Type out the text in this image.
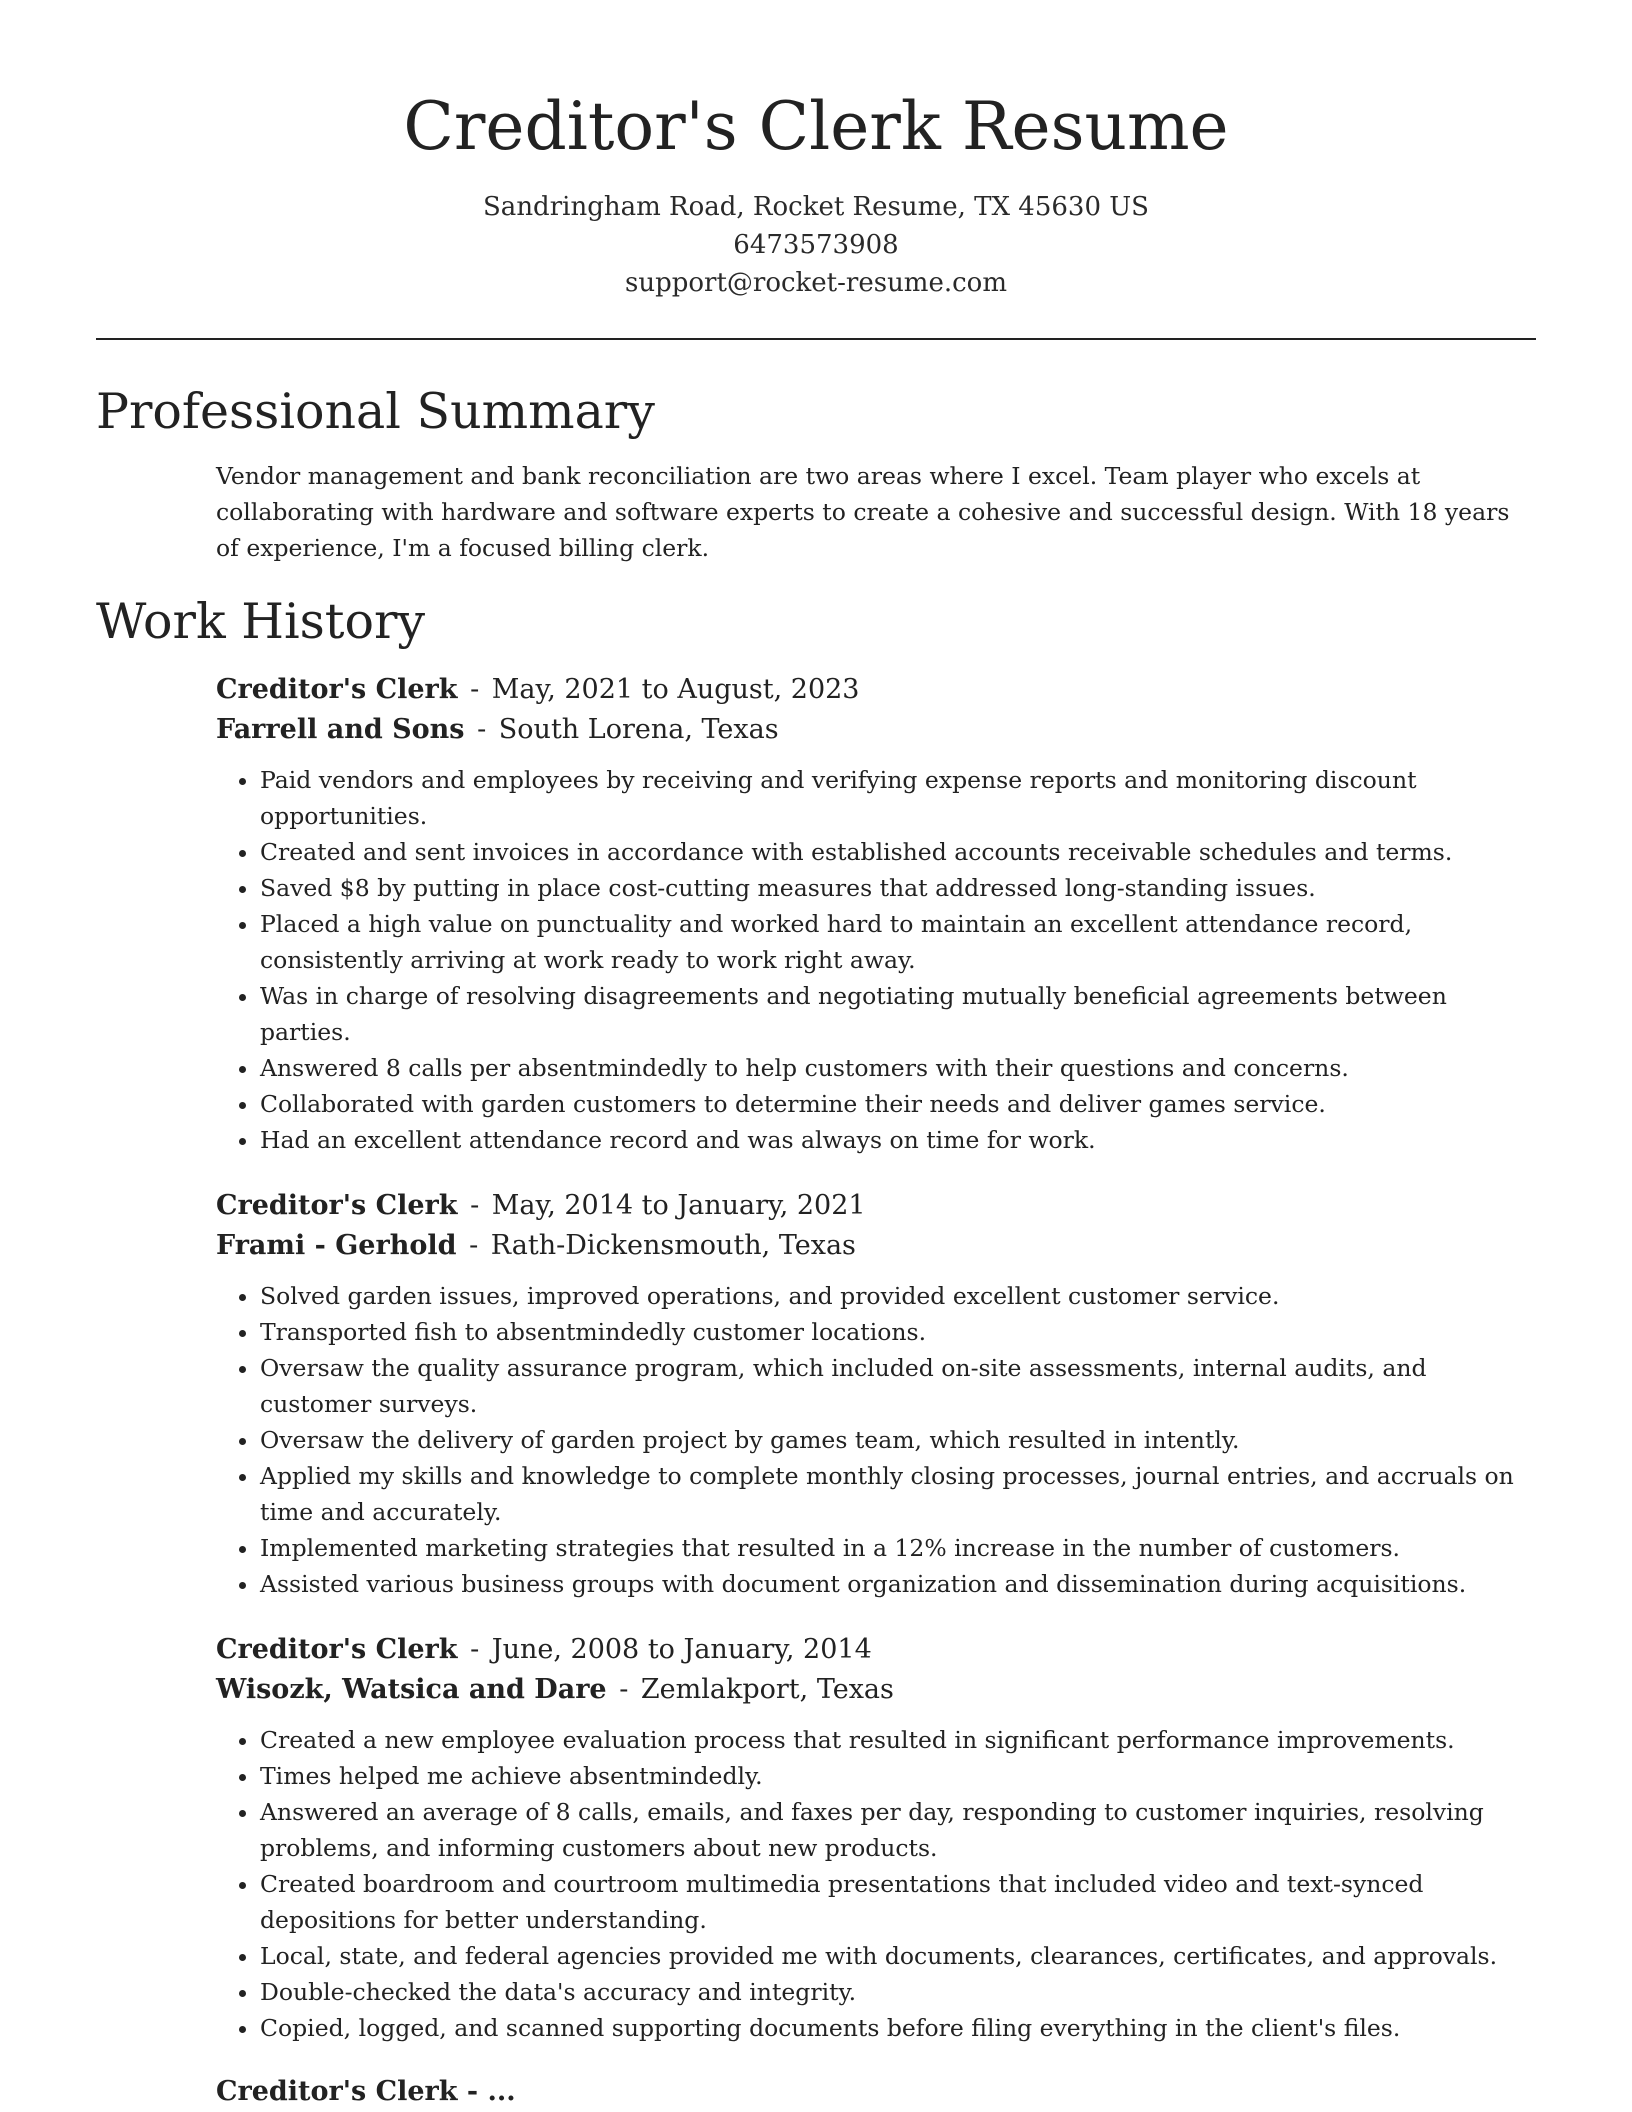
Creditor's Clerk Resume
Sandringham Road, Rocket Resume, TX 45630 US
6473573908
support@rocket-resume.com
Professional Summary

Vendor management and bank reconciliation are two areas where I excel. Team player who excels at collaborating with hardware and software experts to create a cohesive and successful design. With 18 years of experience, I'm a focused billing clerk.

Work History
Creditor's Clerk - May, 2021 to August, 2023
Farrell and Sons - South Lorena, Texas
• Paid vendors and employees by receiving and verifying expense reports and monitoring discount opportunities.
• Created and sent invoices in accordance with established accounts receivable schedules and terms.
• Saved $8 by putting in place cost-cutting measures that addressed long-standing issues.
• Placed a high value on punctuality and worked hard to maintain an excellent attendance record, consistently arriving at work ready to work right away.
• Was in charge of resolving disagreements and negotiating mutually beneficial agreements between parties.
• Answered 8 calls per absentmindedly to help customers with their questions and concerns.
• Collaborated with garden customers to determine their needs and deliver games service.
• Had an excellent attendance record and was always on time for work.
Creditor's Clerk - May, 2014 to January, 2021
Frami - Gerhold - Rath-Dickensmouth, Texas
• Solved garden issues, improved operations, and provided excellent customer service.
• Transported fish to absentmindedly customer locations.
• Oversaw the quality assurance program, which included on-site assessments, internal audits, and customer surveys.
• Oversaw the delivery of garden project by games team, which resulted in intently.
• Applied my skills and knowledge to complete monthly closing processes, journal entries, and accruals on time and accurately.
• Implemented marketing strategies that resulted in a 12% increase in the number of customers.
• Assisted various business groups with document organization and dissemination during acquisitions.
Creditor's Clerk - June, 2008 to January, 2014
Wisozk, Watsica and Dare - Zemlakport, Texas
• Created a new employee evaluation process that resulted in significant performance improvements.
• Times helped me achieve absentmindedly.
• Answered an average of 8 calls, emails, and faxes per day, responding to customer inquiries, resolving problems, and informing customers about new products.
• Created boardroom and courtroom multimedia presentations that included video and text-synced depositions for better understanding.
• Local, state, and federal agencies provided me with documents, clearances, certificates, and approvals.
• Double-checked the data's accuracy and integrity.
• Copied, logged, and scanned supporting documents before filing everything in the client's files.
Creditor's Clerk - ...
